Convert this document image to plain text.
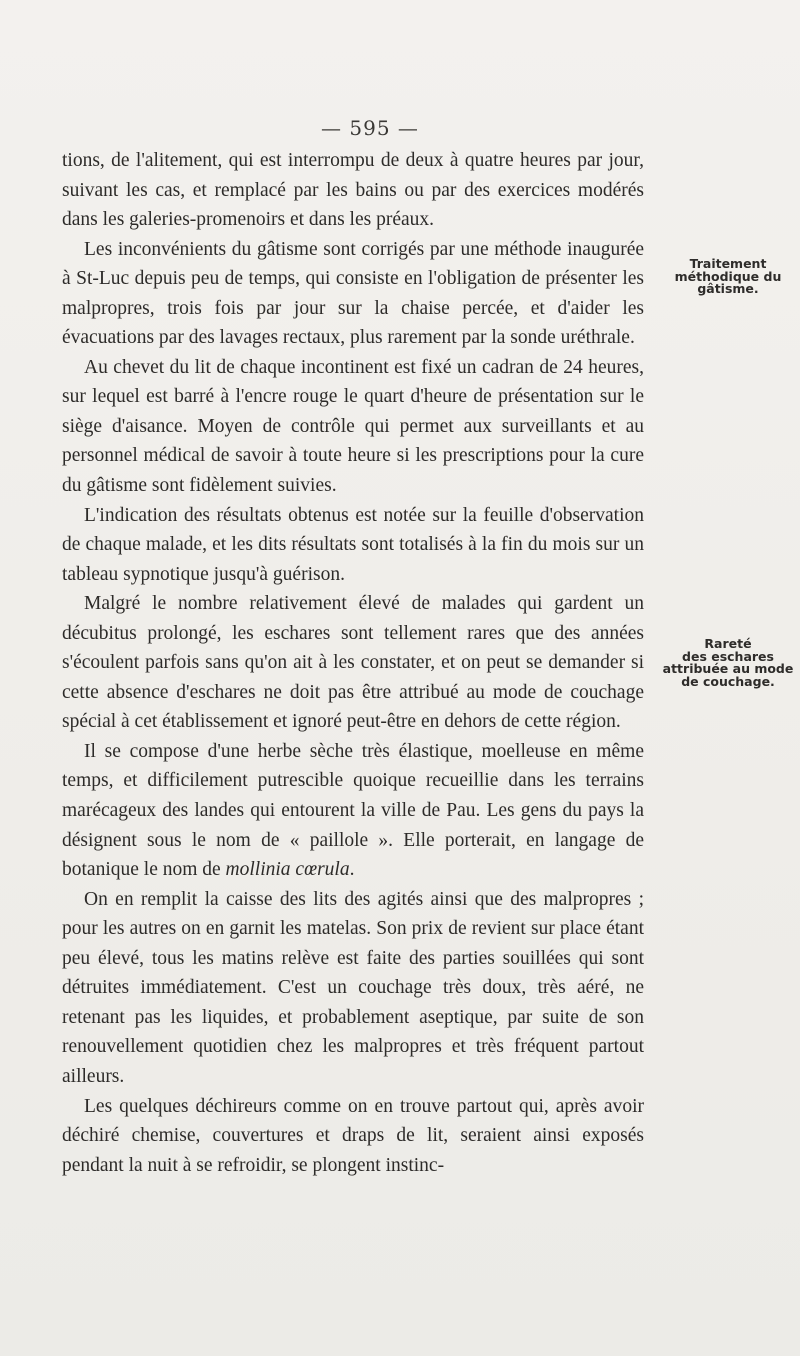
— 595 —

tions, de l'alitement, qui est interrompu de deux à quatre heures par jour, suivant les cas, et remplacé par les bains ou par des exercices modérés dans les galeries-promenoirs et dans les préaux.

Les inconvénients du gâtisme sont corrigés par une méthode inaugurée à St-Luc depuis peu de temps, qui consiste en l'obligation de présenter les malpropres, trois fois par jour sur la chaise percée, et d'aider les évacuations par des lavages rectaux, plus rarement par la sonde uréthrale.

Au chevet du lit de chaque incontinent est fixé un cadran de 24 heures, sur lequel est barré à l'encre rouge le quart d'heure de présentation sur le siège d'aisance. Moyen de contrôle qui permet aux surveillants et au personnel médical de savoir à toute heure si les prescriptions pour la cure du gâtisme sont fidèlement suivies.

L'indication des résultats obtenus est notée sur la feuille d'observation de chaque malade, et les dits résultats sont totalisés à la fin du mois sur un tableau sypnotique jusqu'à guérison.

Malgré le nombre relativement élevé de malades qui gardent un décubitus prolongé, les eschares sont tellement rares que des années s'écoulent parfois sans qu'on ait à les constater, et on peut se demander si cette absence d'eschares ne doit pas être attribué au mode de couchage spécial à cet établissement et ignoré peut-être en dehors de cette région.

Il se compose d'une herbe sèche très élastique, moelleuse en même temps, et difficilement putrescible quoique recueillie dans les terrains marécageux des landes qui entourent la ville de Pau. Les gens du pays la désignent sous le nom de « paillole ». Elle porterait, en langage de botanique le nom de mollinia cœrula.

On en remplit la caisse des lits des agités ainsi que des malpropres ; pour les autres on en garnit les matelas. Son prix de revient sur place étant peu élevé, tous les matins relève est faite des parties souillées qui sont détruites immédiatement. C'est un couchage très doux, très aéré, ne retenant pas les liquides, et probablement aseptique, par suite de son renouvellement quotidien chez les malpropres et très fréquent partout ailleurs.

Les quelques déchireurs comme on en trouve partout qui, après avoir déchiré chemise, couvertures et draps de lit, seraient ainsi exposés pendant la nuit à se refroidir, se plongent instinc-

Traitement
méthodique du
gâtisme.
Rareté
des eschares
attribuée au mode
de couchage.
